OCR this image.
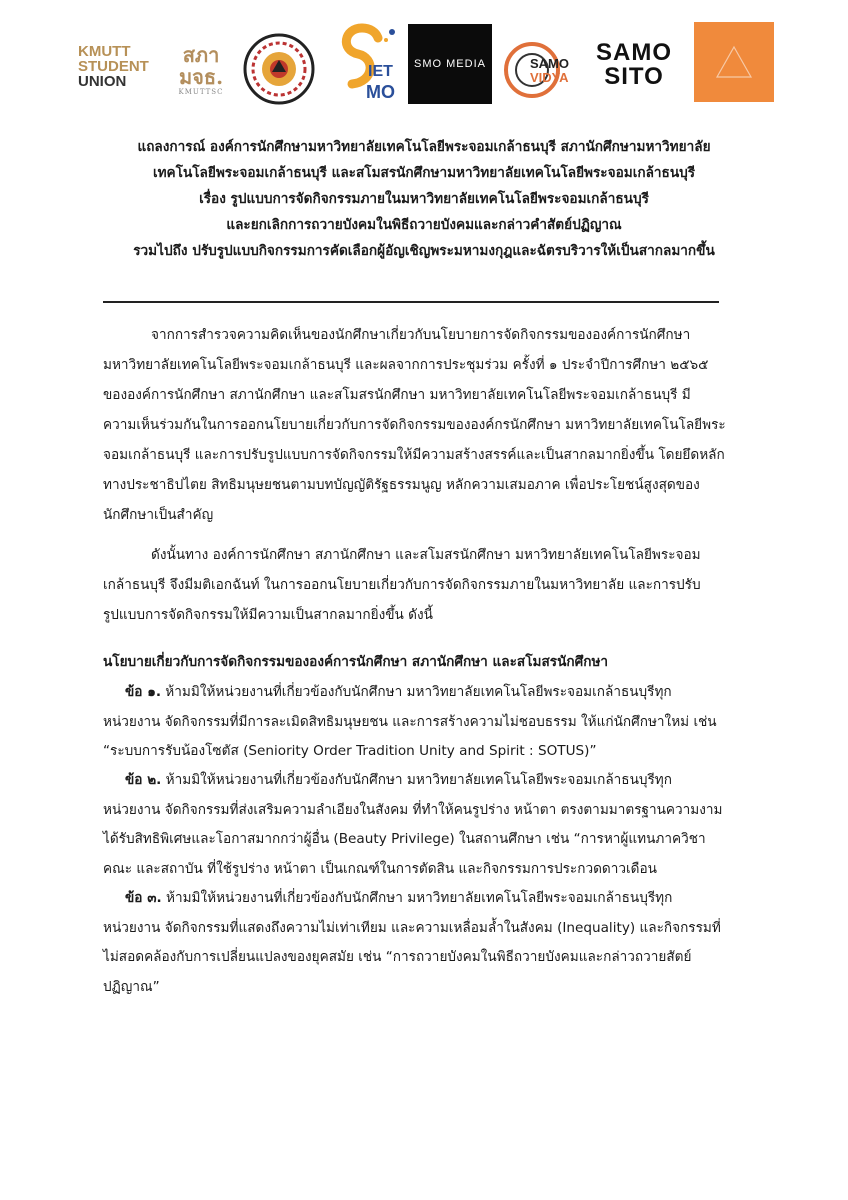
KMUTT
STUDENT
UNION
สภา
มจธ.
KMUTTSC
IET
MO
SMO MEDIA	SAMO
VIDYA
SAMO
SITO
แถลงการณ์ องค์การนักศึกษามหาวิทยาลัยเทคโนโลยีพระจอมเกล้าธนบุรี สภานักศึกษามหาวิทยาลัย
เทคโนโลยีพระจอมเกล้าธนบุรี และสโมสรนักศึกษามหาวิทยาลัยเทคโนโลยีพระจอมเกล้าธนบุรี
เรื่อง รูปแบบการจัดกิจกรรมภายในมหาวิทยาลัยเทคโนโลยีพระจอมเกล้าธนบุรี
และยกเลิกการถวายบังคมในพิธีถวายบังคมและกล่าวคำสัตย์ปฏิญาณ
รวมไปถึง ปรับรูปแบบกิจกรรมการคัดเลือกผู้อัญเชิญพระมหามงกุฎและฉัตรบริวารให้เป็นสากลมากขึ้น
จากการสำรวจความคิดเห็นของนักศึกษาเกี่ยวกับนโยบายการจัดกิจกรรมขององค์การนักศึกษา
มหาวิทยาลัยเทคโนโลยีพระจอมเกล้าธนบุรี และผลจากการประชุมร่วม ครั้งที่ ๑ ประจำปีการศึกษา ๒๕๖๕
ขององค์การนักศึกษา สภานักศึกษา และสโมสรนักศึกษา มหาวิทยาลัยเทคโนโลยีพระจอมเกล้าธนบุรี มี
ความเห็นร่วมกันในการออกนโยบายเกี่ยวกับการจัดกิจกรรมขององค์กรนักศึกษา มหาวิทยาลัยเทคโนโลยีพระ
จอมเกล้าธนบุรี และการปรับรูปแบบการจัดกิจกรรมให้มีความสร้างสรรค์และเป็นสากลมากยิ่งขึ้น โดยยึดหลัก
ทางประชาธิปไตย สิทธิมนุษยชนตามบทบัญญัติรัฐธรรมนูญ หลักความเสมอภาค เพื่อประโยชน์สูงสุดของ
นักศึกษาเป็นสำคัญ
ดังนั้นทาง องค์การนักศึกษา สภานักศึกษา และสโมสรนักศึกษา มหาวิทยาลัยเทคโนโลยีพระจอม
เกล้าธนบุรี จึงมีมติเอกฉันท์ ในการออกนโยบายเกี่ยวกับการจัดกิจกรรมภายในมหาวิทยาลัย และการปรับ
รูปแบบการจัดกิจกรรมให้มีความเป็นสากลมากยิ่งขึ้น ดังนี้
นโยบายเกี่ยวกับการจัดกิจกรรมขององค์การนักศึกษา สภานักศึกษา และสโมสรนักศึกษา
ข้อ ๑. ห้ามมิให้หน่วยงานที่เกี่ยวข้องกับนักศึกษา มหาวิทยาลัยเทคโนโลยีพระจอมเกล้าธนบุรีทุก
หน่วยงาน จัดกิจกรรมที่มีการละเมิดสิทธิมนุษยชน และการสร้างความไม่ชอบธรรม ให้แก่นักศึกษาใหม่ เช่น
“ระบบการรับน้องโซตัส (Seniority Order Tradition Unity and Spirit : SOTUS)”
ข้อ ๒. ห้ามมิให้หน่วยงานที่เกี่ยวข้องกับนักศึกษา มหาวิทยาลัยเทคโนโลยีพระจอมเกล้าธนบุรีทุก
หน่วยงาน จัดกิจกรรมที่ส่งเสริมความลำเอียงในสังคม ที่ทำให้คนรูปร่าง หน้าตา ตรงตามมาตรฐานความงาม
ได้รับสิทธิพิเศษและโอกาสมากกว่าผู้อื่น (Beauty Privilege) ในสถานศึกษา เช่น “การหาผู้แทนภาควิชา
คณะ และสถาบัน ที่ใช้รูปร่าง หน้าตา เป็นเกณฑ์ในการตัดสิน และกิจกรรมการประกวดดาวเดือน
ข้อ ๓. ห้ามมิให้หน่วยงานที่เกี่ยวข้องกับนักศึกษา มหาวิทยาลัยเทคโนโลยีพระจอมเกล้าธนบุรีทุก
หน่วยงาน จัดกิจกรรมที่แสดงถึงความไม่เท่าเทียม และความเหลื่อมล้ำในสังคม (Inequality) และกิจกรรมที่
ไม่สอดคล้องกับการเปลี่ยนแปลงของยุคสมัย เช่น “การถวายบังคมในพิธีถวายบังคมและกล่าวถวายสัตย์
ปฏิญาณ”
